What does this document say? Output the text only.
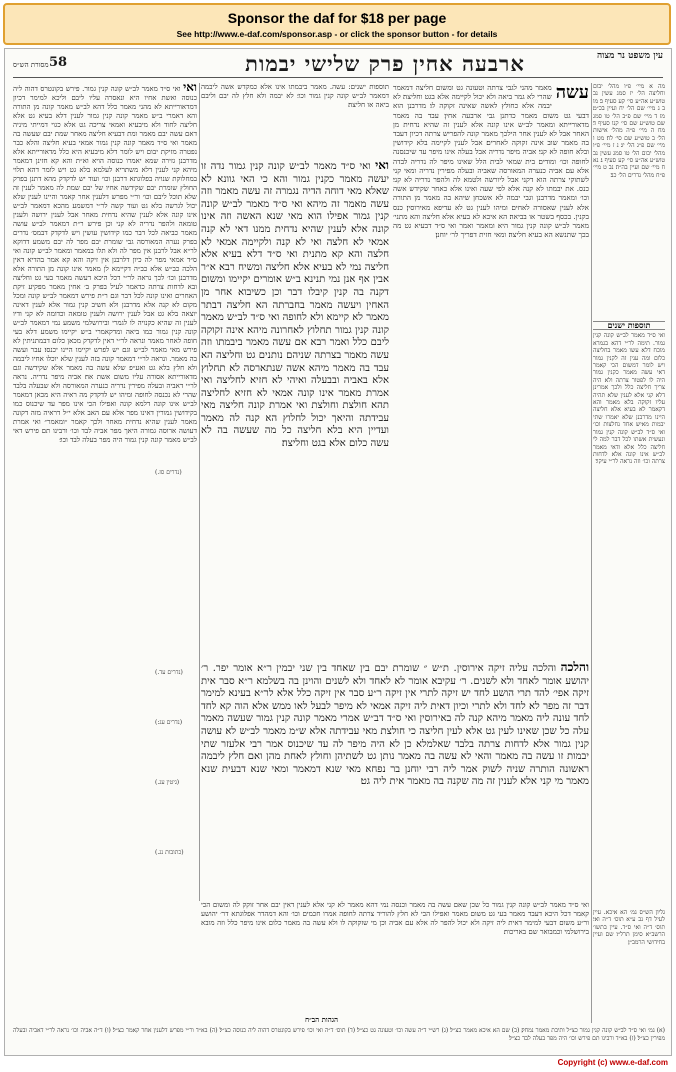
Sponsor the daf for $18 per page
See http://www.e-daf.com/sponsor.asp - or click the sponsor button - for details
58
מסורת הש״ס	ארבעה אחין פרק שלישי יבמות	עין משפט נר מצוה
מה א מיי׳ פ״ו מהל׳ יבום וחליצה הל׳ יז סמג עשין נב טוש״ע אה״ע סי׳ קע סעיף ב׃ מו ב ג מיי׳ שם הל׳ יח ועיין בכ״מ׃ מז ד מיי׳ שם פ״ב הל׳ טו סמג שם טוש״ע שם סי׳ קנו סעיף ד׃ מח ה מיי׳ פ״ה מהל׳ אישות הל׳ ב טוש״ע שם סי׳ לח׃ מט ו מיי׳ שם פ״ג הל׳ יג׃ נ ז מיי׳ פ״ו מהל׳ יבום הל׳ טו סמג עשין נב טוש״ע אה״ע סי׳ קע סעיף ג׃ נא ח מיי׳ שם ועיין בה״ה׃ נב ט מיי׳ פ״ח מהל׳ נדרים הל׳ כב׃
תוספות ישנים
ואי ס״ד מאמר לב״ש קונה קנין גמור. תימה לר״י דהא בגמרא מוכח דלא עשו מאמר בחליצה כלום ומה ענין זה לקנין גמור ויש לומר דמשום הכי קאמר דאי עשה מאמר כקנין גמור היה לו לפטור צרתה ולא היה צריך חליצה כלל ולכך אמרינן דלא קני אלא לענין שלא תהיה עליו זקוקה בלא מאמר והא דקאמר לא בעיא אלא חליצה היינו מדרבנן שלא יאמרו שתי יבמות מאיש אחד נחלצות וכו׳ ואי ס״ד לב״ש קונה קנין גמור ונעשית אשתו לכל דבר למה לי חליצה כלל אלא ודאי מאמר לב״ש אינו קונה אלא לדחות צרתה וכו׳ וזה נראה לר״י עיקר׃
גליון הש״ס גמ׳ הא איכא. עיין לעיל דף נב ע״א תוס׳ ד״ה ואי׃ תוס׳ ד״ה ואי ס״ד. עיין בתשו׳ הרשב״א סימן תרל״ו׃ שם ועיין בחידושי הרמב״ן׃
עשה
מאמר מהני לגבי צרתה וטעונה גט ומשום חליצה דמאמר שהרי לא גמר ביאה ולא יכול לקיימה אלא בגט וחליצה׃ לא יבמה אלא כחולץ לאשה שאינה זקוקה לו׃ מדרבנן הוא דבעי גט משום מאמר כדתנן גבי ארבעה אחין׃ עבד בה מאמר מדאורייתא ומאמר לב״ש אינו קונה אלא לענין זה שהיא נדחית מן האחר אבל לא לענין אחר הילכך מאמר קונה להפריש צרתה דכיון דעבד בה מאמר שוב אינה זקוקה לאחרים׃ אבל לענין לקיימה בלא קידושין ובלא חופה לא קני׃ אביה מיפר נדריה אבל בעלה אינו מיפר עד שיכנסנה לחופה וכו׳ ומודים בית שמאי לבית הלל שאינו מיפר לה נדריה לבדה אלא עם אביה כנערה המאורסה שאביה ובעלה מפירין נדריה ומאי קני לשתוקי צרתה הוא דקני אבל ליורשה ולטמא לה ולהפר נדריה לא קני׃ כנס. את יבמתו לא קנה אלא לפי שעה ואינו אלא כאחר שקידש אשה וכו׳ ומאמר מדרבנן וגבי יבמה לא אשכחן שיהא בה מאמר מן התורה אלא לענין שאסורה לאחים ומיהו לענין גט לא עדיפא מאירוסין׃ כנס בקנין. בכסף בשטר או בביאה׃ הא איכא לא בעיא אלא חליצה והא מתני׳ מאמר לב״ש קונה קנין גמור היא׃ ומאמר ואמר ואי ס״ד דבעיא גט מה בכך שתנשא הא בעיא חליצה׃ ומאי חזית דפריך לר׳ יוחנן׃
תוספות ישנים: עשה. מאמר ביבמתו אינו אלא כמקדש אשה ליבמה דמאמר לב״ש קונה קנין גמור וכו׳׃ לא יבמה ולא חלץ לה יבם וליבם ביאה או חליצה׃
ואי ואי ס״ד מאמר לב״ש קונה קנין גמור נדה זו יעשה מאמר כקנין גמור והא כי האי גוונא לא שאלא מאי דוחה הדיה נגמרה זה עשה מאמר וזה עשה מאמר זה מיהא ואי ס״ד מאמר לב״ש קונה קנין גמור אפילו הוא מאי שנא האשה וזה אינו קונה אלא לענין שהיא נדחית ממנו דאי לא קנה אמאי לא חלצה ואי לא קנה ולקיימה אמאי לא חלצה והא קא מתנית ואי ס״ד דלא בעיא אלא חליצה נמי לא בעיא אלא חליצה ומשיח רבא א״ר אבין אף אנן נמי תנינא ב״ש אומרים יקיימו ומשום דקנה בה קנין קיבלו דבר וכן כשיבוא אחר מן האחין ויעשה מאמר בחברתה הא חליצה דבתר מאמר לא קיימא ולא לחופה ואי ס״ד לב״ש מאמר קונה קנין גמור תחלוץ לאחרונה מיהא אינה זקוקה ליבם כלל ואמר רבא אם עשה מאמר ביבמתו וזה עשה מאמר בצרתה שניהם נותנים גט וחליצה הא עבד בה מאמר מיהא אשה שנתארסה לא תחלוץ אלא באביה ובבעלה ואיהי לא חזיא לחליצה ואי אמרת מאמר אינו קונה אמאי לא חזיא לחליצה תהא חולצת וחולצת ואי אמרת קונה חליצה מאי עבידתה והיאך יכול לחלוץ הא קנה לה מאמר ועדיין היא בלא חליצה כל מה שעשה בה לא עשה כלום אלא בגט וחליצה׃
והלכה והלכה עליה זיקה אירוסין. ת״ש ״ שומרת יבם בין שאחד בין שני יבמין ר״א אומר יפר. ר׳ יהושע אומר לאחד ולא לשנים. ר׳ עקיבא אומר לא לאחד ולא לשנים והוינן בה בשלמא ר״א סבר אית זיקה אפי׳ להד תרי הושע לחד יש זיקה לתרי אין זיקה ר״ע סבר אין זיקה כלל אלא לר״א בעינא למימר דבר זה מפר לא לחד ולא לתרי וכיון דאית ליה זיקה אמאי לא מיפר לבעל לאו ממש אלא הוה קא לחד לחד עונה ליה מאמר מיהא קנה לה באירוסין ואי ס״ד דב״ש אמרי מאמר קונה קנין גמור שעשה מאמר עלה כל שכן שאינו לעין גט אלא לעין חליצה כי חולצת מאי עבידתה אלא ש״מ מאמר לב״ש לא עושה קנין גמור אלא לדחות צרתה בלבד שאלמלא כן לא היה מיפר לה עד שיכנוס אמר רבי אלעזר שתי יבמות זו עשה בה מאמר והאי לא עשה בה מאמר נותן גט לשתיהן וחולץ לאחת מהן ואם חלץ ליבמה ראשונה הותרה שניה לשוק אמר ליה רבי יוחנן בר נפחא מאי שנא דמאמר ומאי שנא דבעית שנא מאמר מי קני אלא לענין זה מה שקנה בה מאמר אית ליה גט׃
ואי ס״ד מאמר לב״ש קונה קנין גמור כל שכן שאם עשה בה מאמר וכנסה נמי דהא מאמר לא קני אלא לענין דאין יבם אחר זוקק לה ומשום הכי קאמר דכל היכא דעבד מאמר בעי גט משום מאמר ואפילו הכי לא חלץ להוריד צרתה לחופה אמרו חכמים וכו׳ והא דמהדר אפלוגתא דר׳ יהושע ור״ע משום דבעי למימר דאית ליה זיקה ולא יכול להפר לה אלא עם אביה וכן מי שזקוקה לו ולא עשה בה מאמר כלום אינו מיפר כלל וזה מובא בירושלמי וכמבואר שם באריכות׃
ואי ואי ס״ד מאמר לב״ש קונה קנין גמור. פירש בקונטרס דהוה ליה כנוסה ואשת אחיו היא ונאסרה עליו ליבם וליכא למימר דכיון דמדאורייתא לא מהני מאמר כלל דהא לב״ש מאמר קונה מן התורה והא דאמרי ב״ש מאמר קונה קנין גמור לענין דלא בעיא גט אלא חליצה לחוד ולא מיבעיא ואמאי צריכה גט אלא כגוי דמייתי מיניה דאם עשה יבם מאמר ומת דבעיא חליצה מאחר שמת יבם שעשה בה מאמר ואי ס״ד מאמר קונה קנין גמור אמאי בעיא חליצה והלא כבר נפטרה מזיקת יבום ויש לומר דלא מיבעיא היא כלל מדאורייתא אלא מדרבנן גזירה שמא יאמרו כנוסה הויא וא״ת והא קא חזינן דמאמר מיהא קני לענין דלא משתריא לעלמא בלא גט ויש לומר דהא תלוי במחלוקת שנויה בפלוגתא דרבנן וכו׳ ועוד יש לדקדק מהא דתנן בפרק החולץ שומרת יבם שקידשה אחיו של יבם שמת לה מאמר לענין זה שלא תוכל ליבם וכו׳ ור״י מפרש דלענין אחר קאמר והיינו לענין שלא יכול לגרשה בלא גט ועוד קשה לר״י דמשמע מהכא דמאמר לב״ש אינו קונה אלא לענין שהיא נדחית מאחר אבל לענין ירושה ולענין טומאה ולהפר נדריה לא קני וכן פירש ר״ת דמאמר לב״ש עושה מאמר כביאה לכל דבר כמו קידושין עושין ויש לדקדק דבמס׳ נדרים בפרק נערה המאורסה גבי שומרת יבם מפר לה יבם משמע דדוקא לר״א אבל לרבנן אין מפר לה ולא תלו במאמר ומאמר לב״ש קונה ואי ס״ד אמאי מפר לה כיון דלרבנן אין זיקה והא קא אמר בהדיא דאין הלכה כב״ש אלא כב״ה דקיימא לן מאמר אינו קונה מן התורה אלא מדרבנן וכו׳ לכך נראה לר״י דכל היכא דעשה מאמר בעי גט וחליצה ובא לדחות צרתה כדאמר לעיל בפרק ב׳ אחין מאמר מפקיע זיקת האחרים ואינו קונה לכל דבר וגם ר״ת פירש דמאמר לב״ש קונה ומכל מקום לא קנה אלא מדרבנן ולא חשיב קנין גמור אלא לענין דאינה יוצאה בלא גט אבל לענין ירושה ולענין טומאה וכדומה לא קני ודיו לענין זה שהיא כקנויה לו לגמרי ובירושלמי משמע נמי דמאמר לב״ש קונה קנין גמור כמו ביאה ומדקאמרי ב״ש יקיימו משמע דלא בעי חופה לאחר מאמר ונראה לר״י דאין לדקדק מכאן כלום דבמתניתין לא פירש מאי מאמר לב״ש וגם יש לפרש יקיימו היינו יכנסו׃ עבר ועשה בה מאמר. ונראה לר״י דמאמר קונה בזה לענין שלא יוכלו אחיו ליבמה ולא חלץ בלא גט ואע״פ שלא עשה בה מאמר אלא שקידשה וגם מדאורייתא אסורה עליו משום אשת אח׃ אביה מיפר נדריה. נראה לר״י דאביה ובעלה מפירין נדריה כנערה המאורסה ולא שבעלה בלבד שהרי לא נכנסה לחופה ומיהו יש לדקדק מה ראיה היא מכאן דמאמר לב״ש אינו קונה דלמא קונה ואפילו הכי אינו מפר עד שיכנוס כמו בקידושין גמורין דאינו מפר אלא עם האב אלא י״ל דראיה מזה דקונה מאמר לענין שהיא נדחית מאחר ולכך קאמר ״ומאמר״ ואי אמרת דעושה ארוסה גמורה היאך מפר אביה לבד וכו׳ ורבינו תם פירש דאי לב״ש מאמר קונה קנין גמור היה מפר בעלה לבד וכו׳׃
(נדרים סז.)
(נדרים עד.)
(נדרים עג:)
(גיטין עג.)
(כתובות נג.)
הגהות הב״ח
(א) גמ׳ ואי ס״ד לב״ש קונה קנין גמור כצ״ל ותיבת מאמר נמחק׃ (ב) שם הא איכא מאמר כצ״ל׃ (ג) רש״י ד״ה עשה וכו׳ וטעונה גט כצ״ל׃ (ד) תוס׳ ד״ה ואי וכו׳ פירש בקונטרס דהוה ליה כנוסה כצ״ל׃ (ה) בא״ד ור״י מפרש דלענין אחר קאמר כצ״ל׃ (ו) ד״ה אביה וכו׳ נראה לר״י דאביה ובעלה מפירין כצ״ל׃ (ז) בא״ד ורבינו תם פירש וכו׳ היה מפר בעלה לבד כצ״ל׃
Copyright (c) www.e-daf.com
